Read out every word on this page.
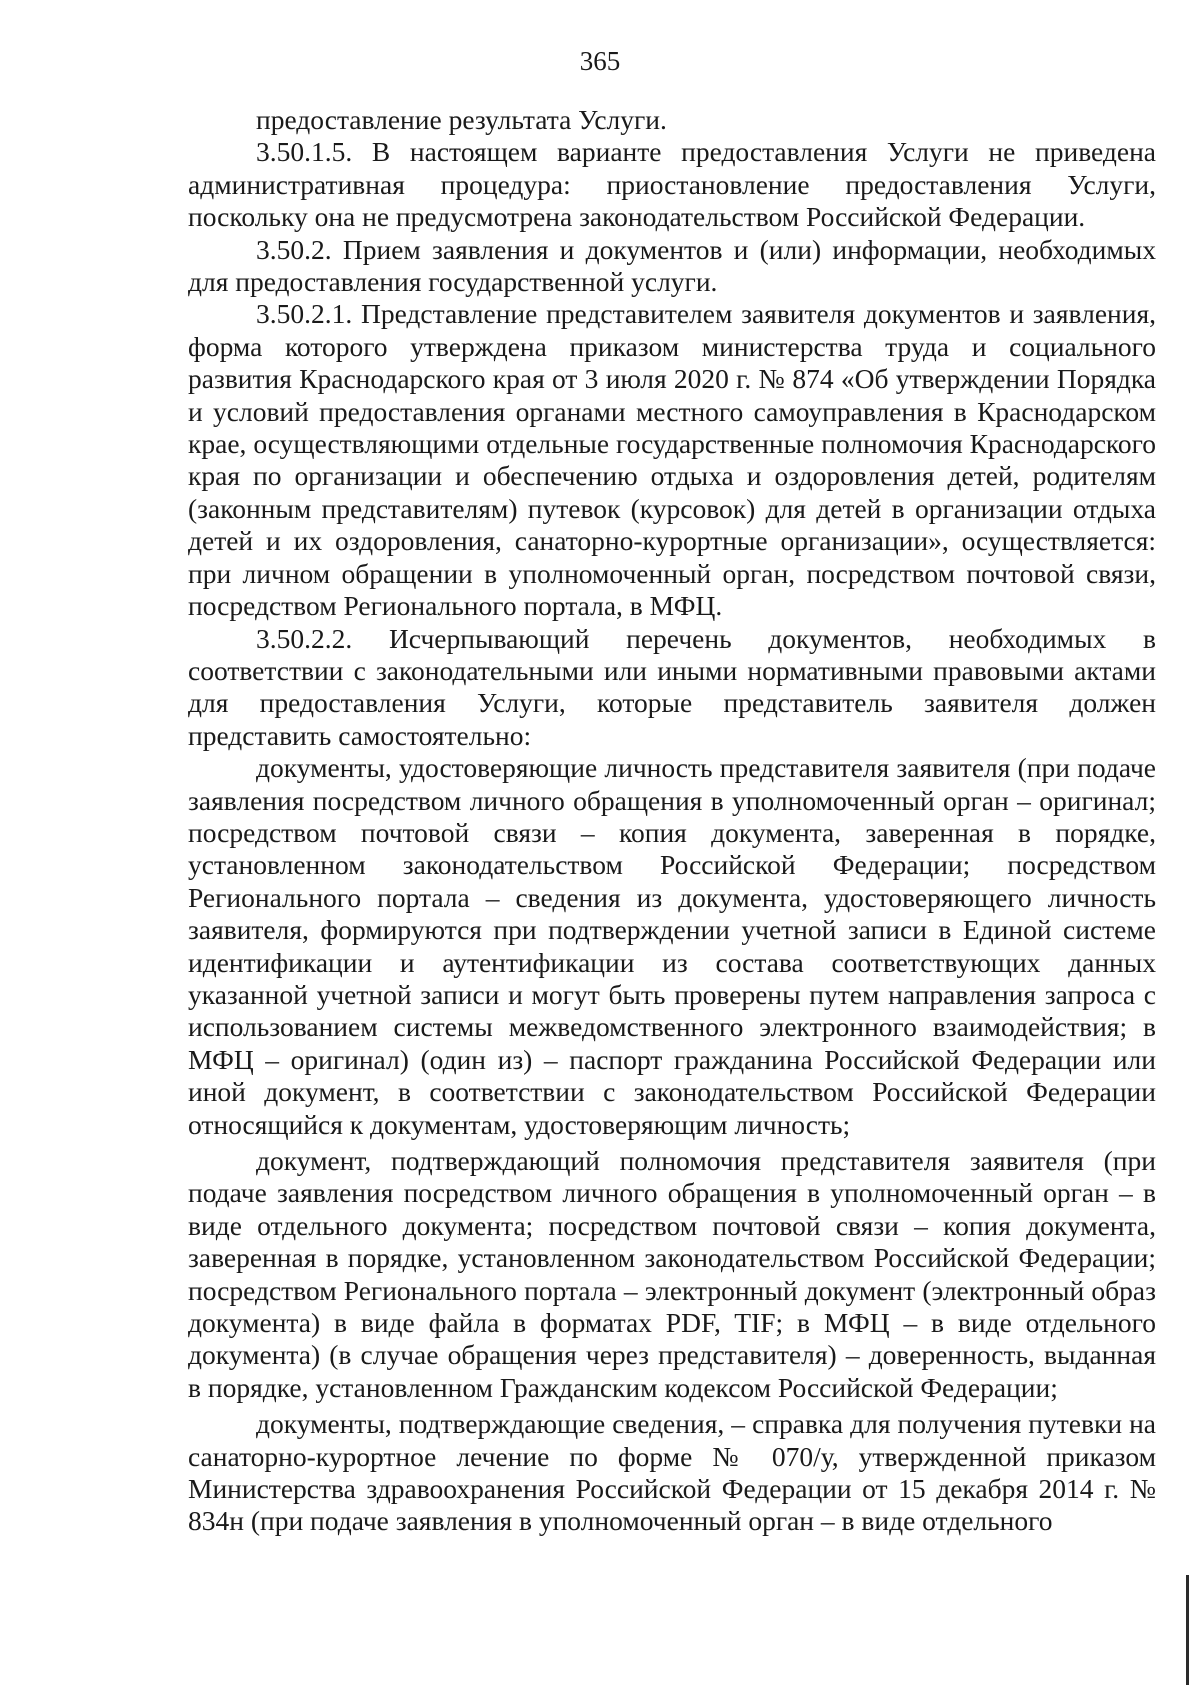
365

предоставление результата Услуги.

3.50.1.5. В настоящем варианте предоставления Услуги не приведена административная процедура: приостановление предоставления Услуги, поскольку она не предусмотрена законодательством Российской Федерации.

3.50.2. Прием заявления и документов и (или) информации, необходимых для предоставления государственной услуги.

3.50.2.1. Представление представителем заявителя документов и заявления, форма которого утверждена приказом министерства труда и социального развития Краснодарского края от 3 июля 2020 г. № 874 «Об утверждении Порядка и условий предоставления органами местного самоуправления в Краснодарском крае, осуществляющими отдельные государственные полномочия Краснодарского края по организации и обеспечению отдыха и оздоровления детей, родителям (законным представителям) путевок (курсовок) для детей в организации отдыха детей и их оздоровления, санаторно-курортные организации», осуществляется: при личном обращении в уполномоченный орган, посредством почтовой связи, посредством Регионального портала, в МФЦ.

3.50.2.2. Исчерпывающий перечень документов, необходимых в соответствии с законодательными или иными нормативными правовыми актами для предоставления Услуги, которые представитель заявителя должен представить самостоятельно:

документы, удостоверяющие личность представителя заявителя (при подаче заявления посредством личного обращения в уполномоченный орган – оригинал; посредством почтовой связи – копия документа, заверенная в порядке, установленном законодательством Российской Федерации; посредством Регионального портала – сведения из документа, удостоверяющего личность заявителя, формируются при подтверждении учетной записи в Единой системе идентификации и аутентификации из состава соответствующих данных указанной учетной записи и могут быть проверены путем направления запроса с использованием системы межведомственного электронного взаимодействия; в МФЦ – оригинал) (один из) – паспорт гражданина Российской Федерации или иной документ, в соответствии с законодательством Российской Федерации относящийся к документам, удостоверяющим личность;

документ, подтверждающий полномочия представителя заявителя (при подаче заявления посредством личного обращения в уполномоченный орган – в виде отдельного документа; посредством почтовой связи – копия документа, заверенная в порядке, установленном законодательством Российской Федерации; посредством Регионального портала – электронный документ (электронный образ документа) в виде файла в форматах PDF, TIF; в МФЦ – в виде отдельного документа) (в случае обращения через представителя) – доверенность, выданная в порядке, установленном Гражданским кодексом Российской Федерации;

документы, подтверждающие сведения, – справка для получения путевки на санаторно-курортное лечение по форме № 070/у, утвержденной приказом Министерства здравоохранения Российской Федерации от 15 декабря 2014 г. № 834н (при подаче заявления в уполномоченный орган – в виде отдельного
